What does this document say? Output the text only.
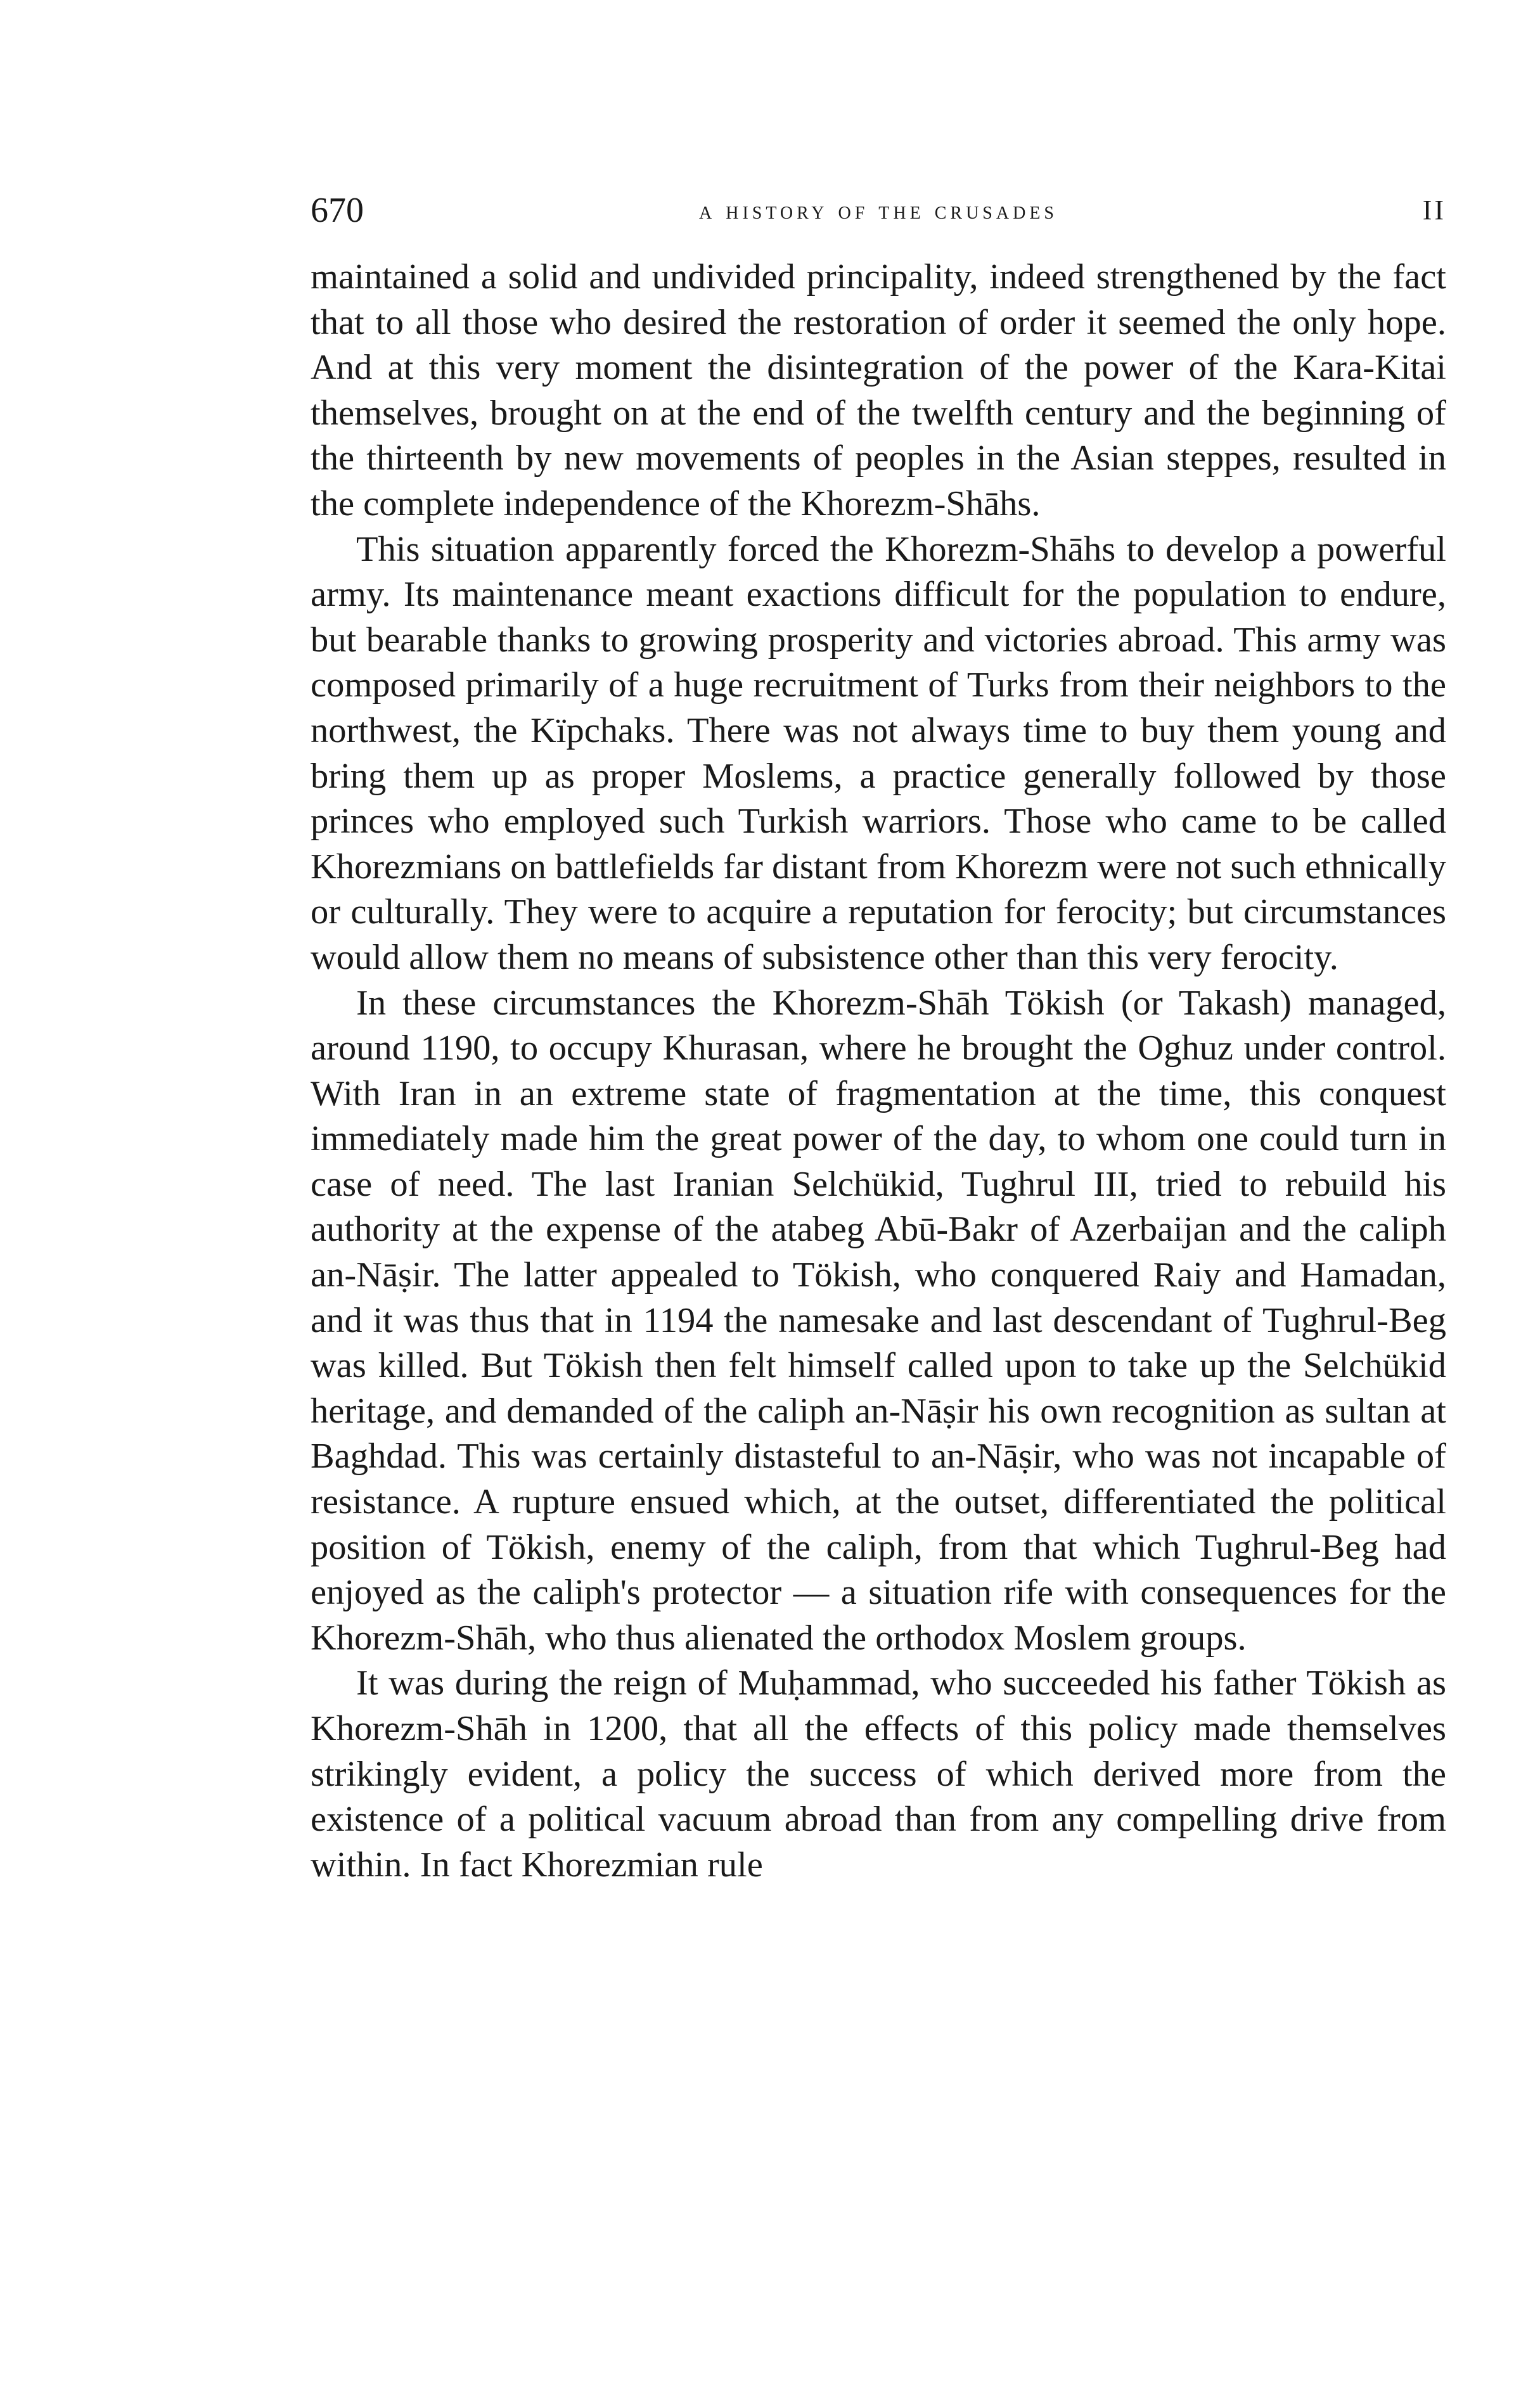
670	a history of the crusades	II

maintained a solid and undivided principality, indeed strengthened by the fact that to all those who desired the restoration of order it seemed the only hope. And at this very moment the disintegration of the power of the Kara-Kitai themselves, brought on at the end of the twelfth century and the beginning of the thirteenth by new movements of peoples in the Asian steppes, resulted in the complete independence of the Khorezm-Shāhs.

This situation apparently forced the Khorezm-Shāhs to develop a powerful army. Its maintenance meant exactions difficult for the population to endure, but bearable thanks to growing prosperity and victories abroad. This army was composed primarily of a huge recruitment of Turks from their neighbors to the northwest, the Kïpchaks. There was not always time to buy them young and bring them up as proper Moslems, a practice generally followed by those princes who employed such Turkish warriors. Those who came to be called Khorezmians on battlefields far distant from Khorezm were not such ethnically or culturally. They were to acquire a reputation for ferocity; but circumstances would allow them no means of subsistence other than this very ferocity.

In these circumstances the Khorezm-Shāh Tökish (or Takash) managed, around 1190, to occupy Khurasan, where he brought the Oghuz under control. With Iran in an extreme state of fragmentation at the time, this conquest immediately made him the great power of the day, to whom one could turn in case of need. The last Iranian Selchükid, Tughrul III, tried to rebuild his authority at the expense of the atabeg Abū-Bakr of Azerbaijan and the caliph an-Nāṣir. The latter appealed to Tökish, who conquered Raiy and Hamadan, and it was thus that in 1194 the namesake and last descendant of Tughrul-Beg was killed. But Tökish then felt himself called upon to take up the Selchükid heritage, and demanded of the caliph an-Nāṣir his own recognition as sultan at Baghdad. This was certainly distasteful to an-Nāṣir, who was not incapable of resistance. A rupture ensued which, at the outset, differentiated the political position of Tökish, enemy of the caliph, from that which Tughrul-Beg had enjoyed as the caliph's protector — a situation rife with consequences for the Khorezm-Shāh, who thus alienated the orthodox Moslem groups.

It was during the reign of Muḥammad, who succeeded his father Tökish as Khorezm-Shāh in 1200, that all the effects of this policy made themselves strikingly evident, a policy the success of which derived more from the existence of a political vacuum abroad than from any compelling drive from within. In fact Khorezmian rule
